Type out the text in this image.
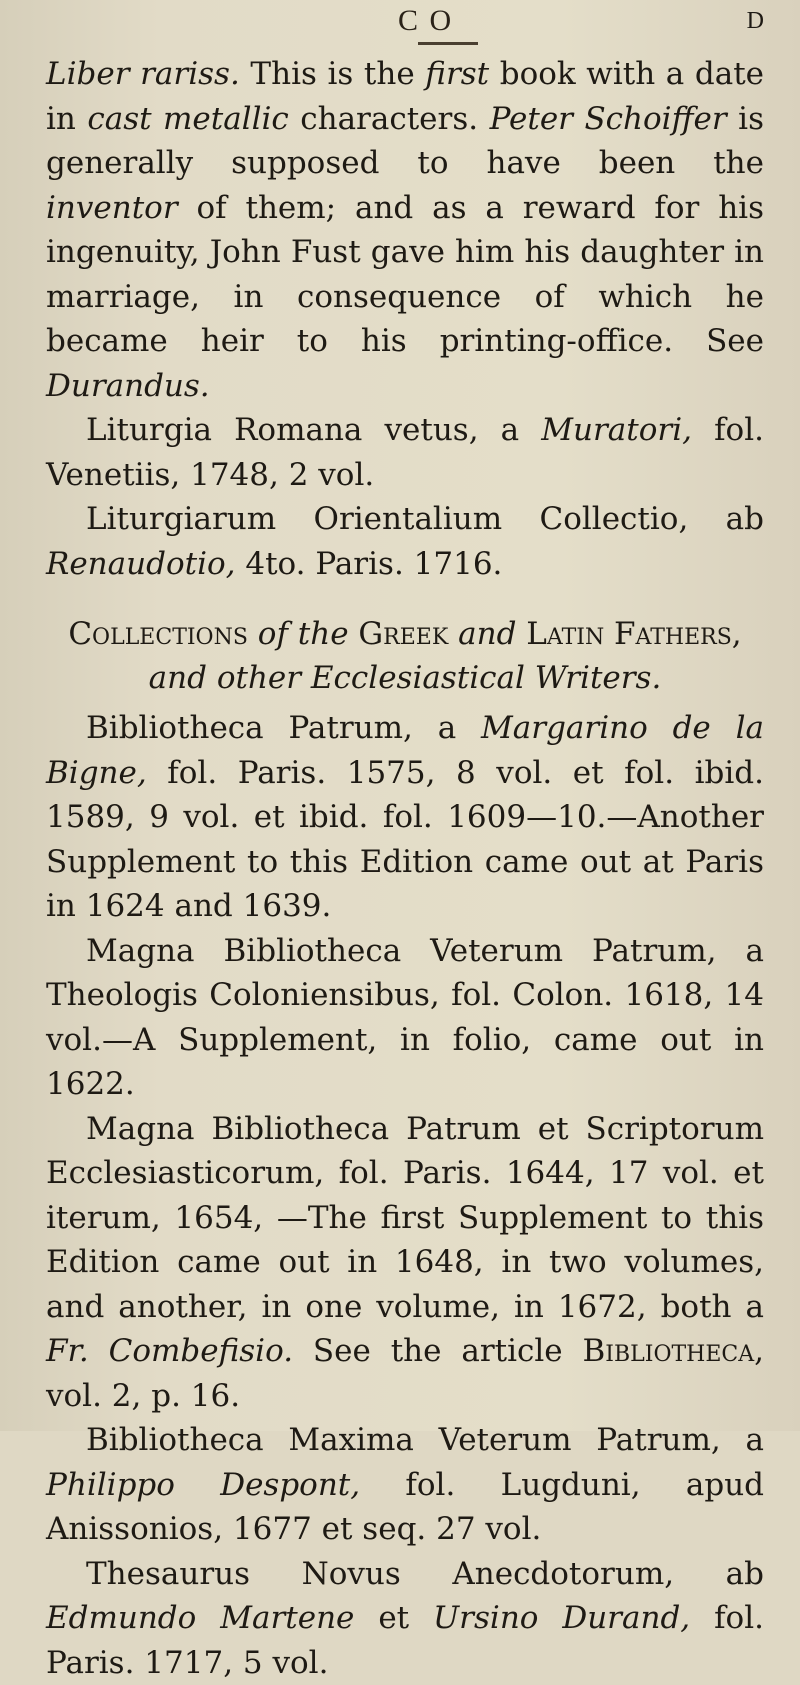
C O	D

Liber rariss. This is the first book with a date in cast metallic characters. Peter Schoiffer is generally supposed to have been the inventor of them; and as a reward for his ingenuity, John Fust gave him his daughter in marriage, in consequence of which he became heir to his printing-office. See Durandus.

Liturgia Romana vetus, a Muratori, fol. Venetiis, 1748, 2 vol.

Liturgiarum Orientalium Collectio, ab Renaudotio, 4to. Paris. 1716.

Collections of the Greek and Latin Fathers,
and other Ecclesiastical Writers.

Bibliotheca Patrum, a Margarino de la Bigne, fol. Paris. 1575, 8 vol. et fol. ibid. 1589, 9 vol. et ibid. fol. 1609—10.—Another Supplement to this Edition came out at Paris in 1624 and 1639.

Magna Bibliotheca Veterum Patrum, a Theologis Coloniensibus, fol. Colon. 1618, 14 vol.—A Supplement, in folio, came out in 1622.

Magna Bibliotheca Patrum et Scriptorum Ecclesiasticorum, fol. Paris. 1644, 17 vol. et iterum, 1654, —The first Supplement to this Edition came out in 1648, in two volumes, and another, in one volume, in 1672, both a Fr. Combefisio. See the article Bibliotheca, vol. 2, p. 16.

Bibliotheca Maxima Veterum Patrum, a Philippo Despont, fol. Lugduni, apud Anissonios, 1677 et seq. 27 vol.

Thesaurus Novus Anecdotorum, ab Edmundo Martene et Ursino Durand, fol. Paris. 1717, 5 vol.
